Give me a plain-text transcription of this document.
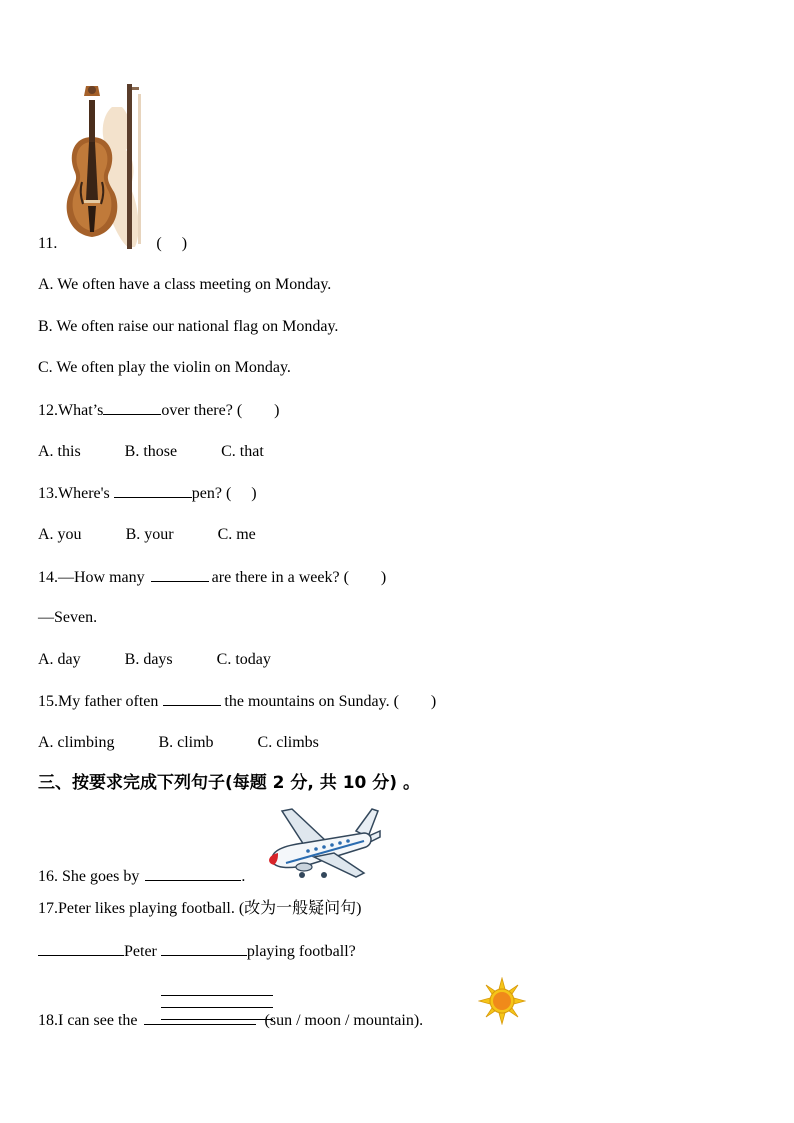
11.	(　 )
A. We often have a class meeting on Monday.
B. We often raise our national flag on Monday.
C. We often play the violin on Monday.
12.What’s	over there? (　　)
A. this	B. those	C. that
13.Where's	pen? (　 )
A. you	B. your	C. me
14.—How many	are there in a week? (　　)
—Seven.
A. day	B. days	C. today
15.My father often	the mountains on Sunday. (　　)
A. climbing	B. climb	C. climbs
三、按要求完成下列句子(每题 2 分, 共 10 分) 。
16. She goes by	.
17.Peter likes playing football. (改为一般疑问句)
Peter	playing football?
18.I can see the	(sun / moon / mountain).
